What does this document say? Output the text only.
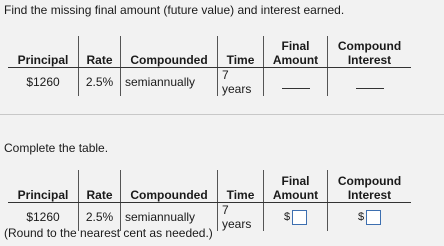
Find the missing final amount (future value) and interest earned.
Principal	Rate	Compounded	Time	Final Amount	Compound Interest
$1260	2.5%	semiannually	7 years		
Complete the table.
Principal	Rate	Compounded	Time	Final Amount	Compound Interest
$1260	2.5%	semiannually	7 years	$	$
(Round to the nearest cent as needed.)
